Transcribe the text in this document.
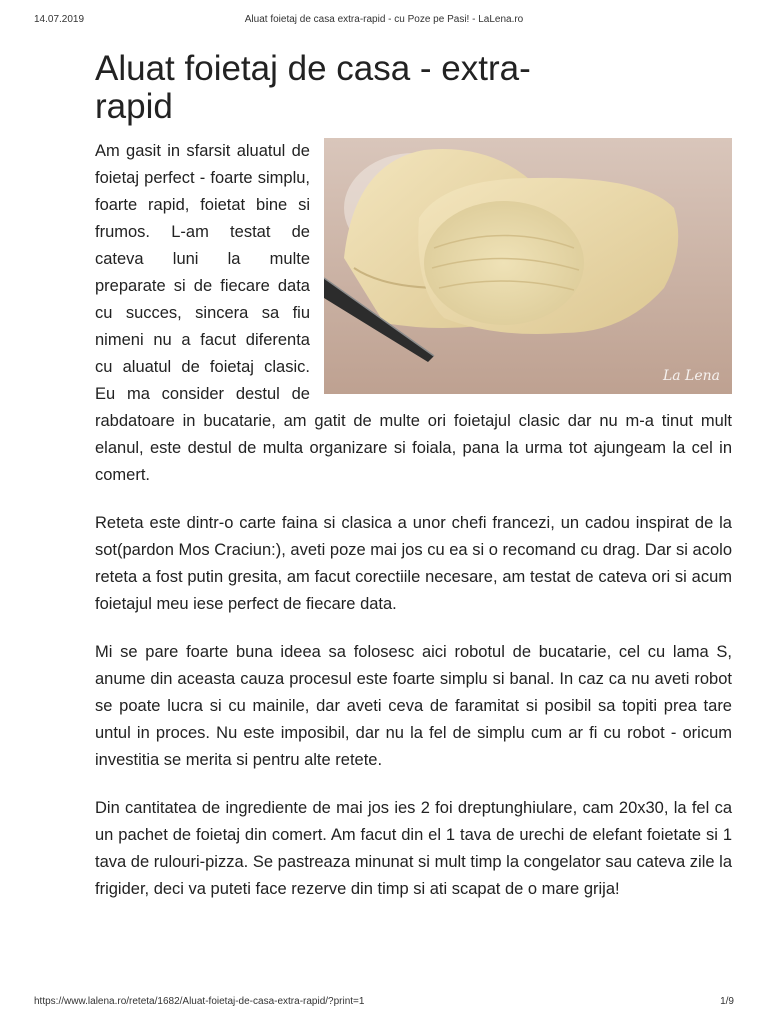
14.07.2019	Aluat foietaj de casa extra-rapid - cu Poze pe Pasi! - LaLena.ro
Aluat foietaj de casa - extra-rapid
La Lena

Am gasit in sfarsit aluatul de foietaj perfect - foarte simplu, foarte rapid, foietat bine si frumos. L-am testat de cateva luni la multe preparate si de fiecare data cu succes, sincera sa fiu nimeni nu a facut diferenta cu aluatul de foietaj clasic. Eu ma consider destul de rabdatoare in bucatarie, am gatit de multe ori foietajul clasic dar nu m-a tinut mult elanul, este destul de multa organizare si foiala, pana la urma tot ajungeam la cel in comert.

Reteta este dintr-o carte faina si clasica a unor chefi francezi, un cadou inspirat de la sot(pardon Mos Craciun:), aveti poze mai jos cu ea si o recomand cu drag. Dar si acolo reteta a fost putin gresita, am facut corectiile necesare, am testat de cateva ori si acum foietajul meu iese perfect de fiecare data.

Mi se pare foarte buna ideea sa folosesc aici robotul de bucatarie, cel cu lama S, anume din aceasta cauza procesul este foarte simplu si banal. In caz ca nu aveti robot se poate lucra si cu mainile, dar aveti ceva de faramitat si posibil sa topiti prea tare untul in proces. Nu este imposibil, dar nu la fel de simplu cum ar fi cu robot - oricum investitia se merita si pentru alte retete.

Din cantitatea de ingrediente de mai jos ies 2 foi dreptunghiulare, cam 20x30, la fel ca un pachet de foietaj din comert. Am facut din el 1 tava de urechi de elefant foietate si 1 tava de rulouri-pizza. Se pastreaza minunat si mult timp la congelator sau cateva zile la frigider, deci va puteti face rezerve din timp si ati scapat de o mare grija!

https://www.lalena.ro/reteta/1682/Aluat-foietaj-de-casa-extra-rapid/?print=1	1/9
